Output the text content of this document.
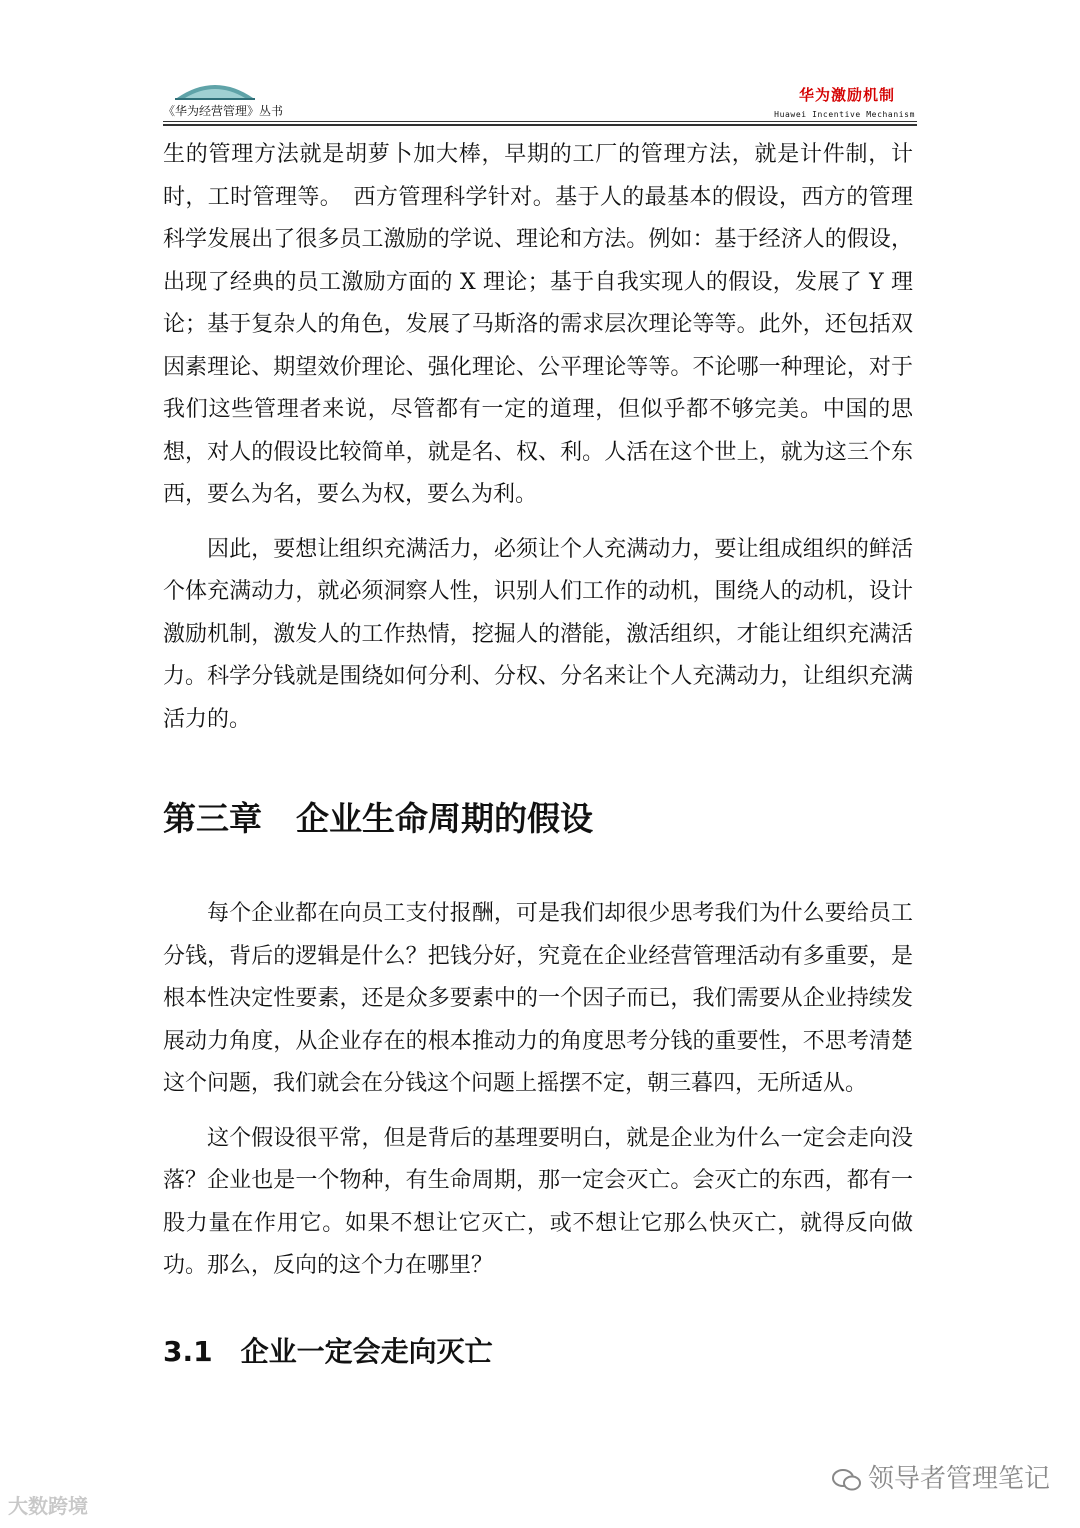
《华为经营管理》丛书
华为激励机制
Huawei Incentive Mechanism

生的管理方法就是胡萝卜加大棒，早期的工厂的管理方法，就是计件制，计时，工时管理等。　西方管理科学针对。基于人的最基本的假设，西方的管理科学发展出了很多员工激励的学说、理论和方法。例如：基于经济人的假设，出现了经典的员工激励方面的 X 理论；基于自我实现人的假设，发展了 Y 理论；基于复杂人的角色，发展了马斯洛的需求层次理论等等。此外，还包括双因素理论、期望效价理论、强化理论、公平理论等等。不论哪一种理论，对于我们这些管理者来说，尽管都有一定的道理，但似乎都不够完美。中国的思想，对人的假设比较简单，就是名、权、利。人活在这个世上，就为这三个东西，要么为名，要么为权，要么为利。

因此，要想让组织充满活力，必须让个人充满动力，要让组成组织的鲜活个体充满动力，就必须洞察人性，识别人们工作的动机，围绕人的动机，设计激励机制，激发人的工作热情，挖掘人的潜能，激活组织，才能让组织充满活力。科学分钱就是围绕如何分利、分权、分名来让个人充满动力，让组织充满活力的。

第三章 企业生命周期的假设

每个企业都在向员工支付报酬，可是我们却很少思考我们为什么要给员工分钱，背后的逻辑是什么？把钱分好，究竟在企业经营管理活动有多重要，是根本性决定性要素，还是众多要素中的一个因子而已，我们需要从企业持续发展动力角度，从企业存在的根本推动力的角度思考分钱的重要性，不思考清楚这个问题，我们就会在分钱这个问题上摇摆不定，朝三暮四，无所适从。

这个假设很平常，但是背后的基理要明白，就是企业为什么一定会走向没落？企业也是一个物种，有生命周期，那一定会灭亡。会灭亡的东西，都有一股力量在作用它。如果不想让它灭亡，或不想让它那么快灭亡，就得反向做功。那么，反向的这个力在哪里？

3.1 企业一定会走向灭亡
大数跨境
领导者管理笔记
